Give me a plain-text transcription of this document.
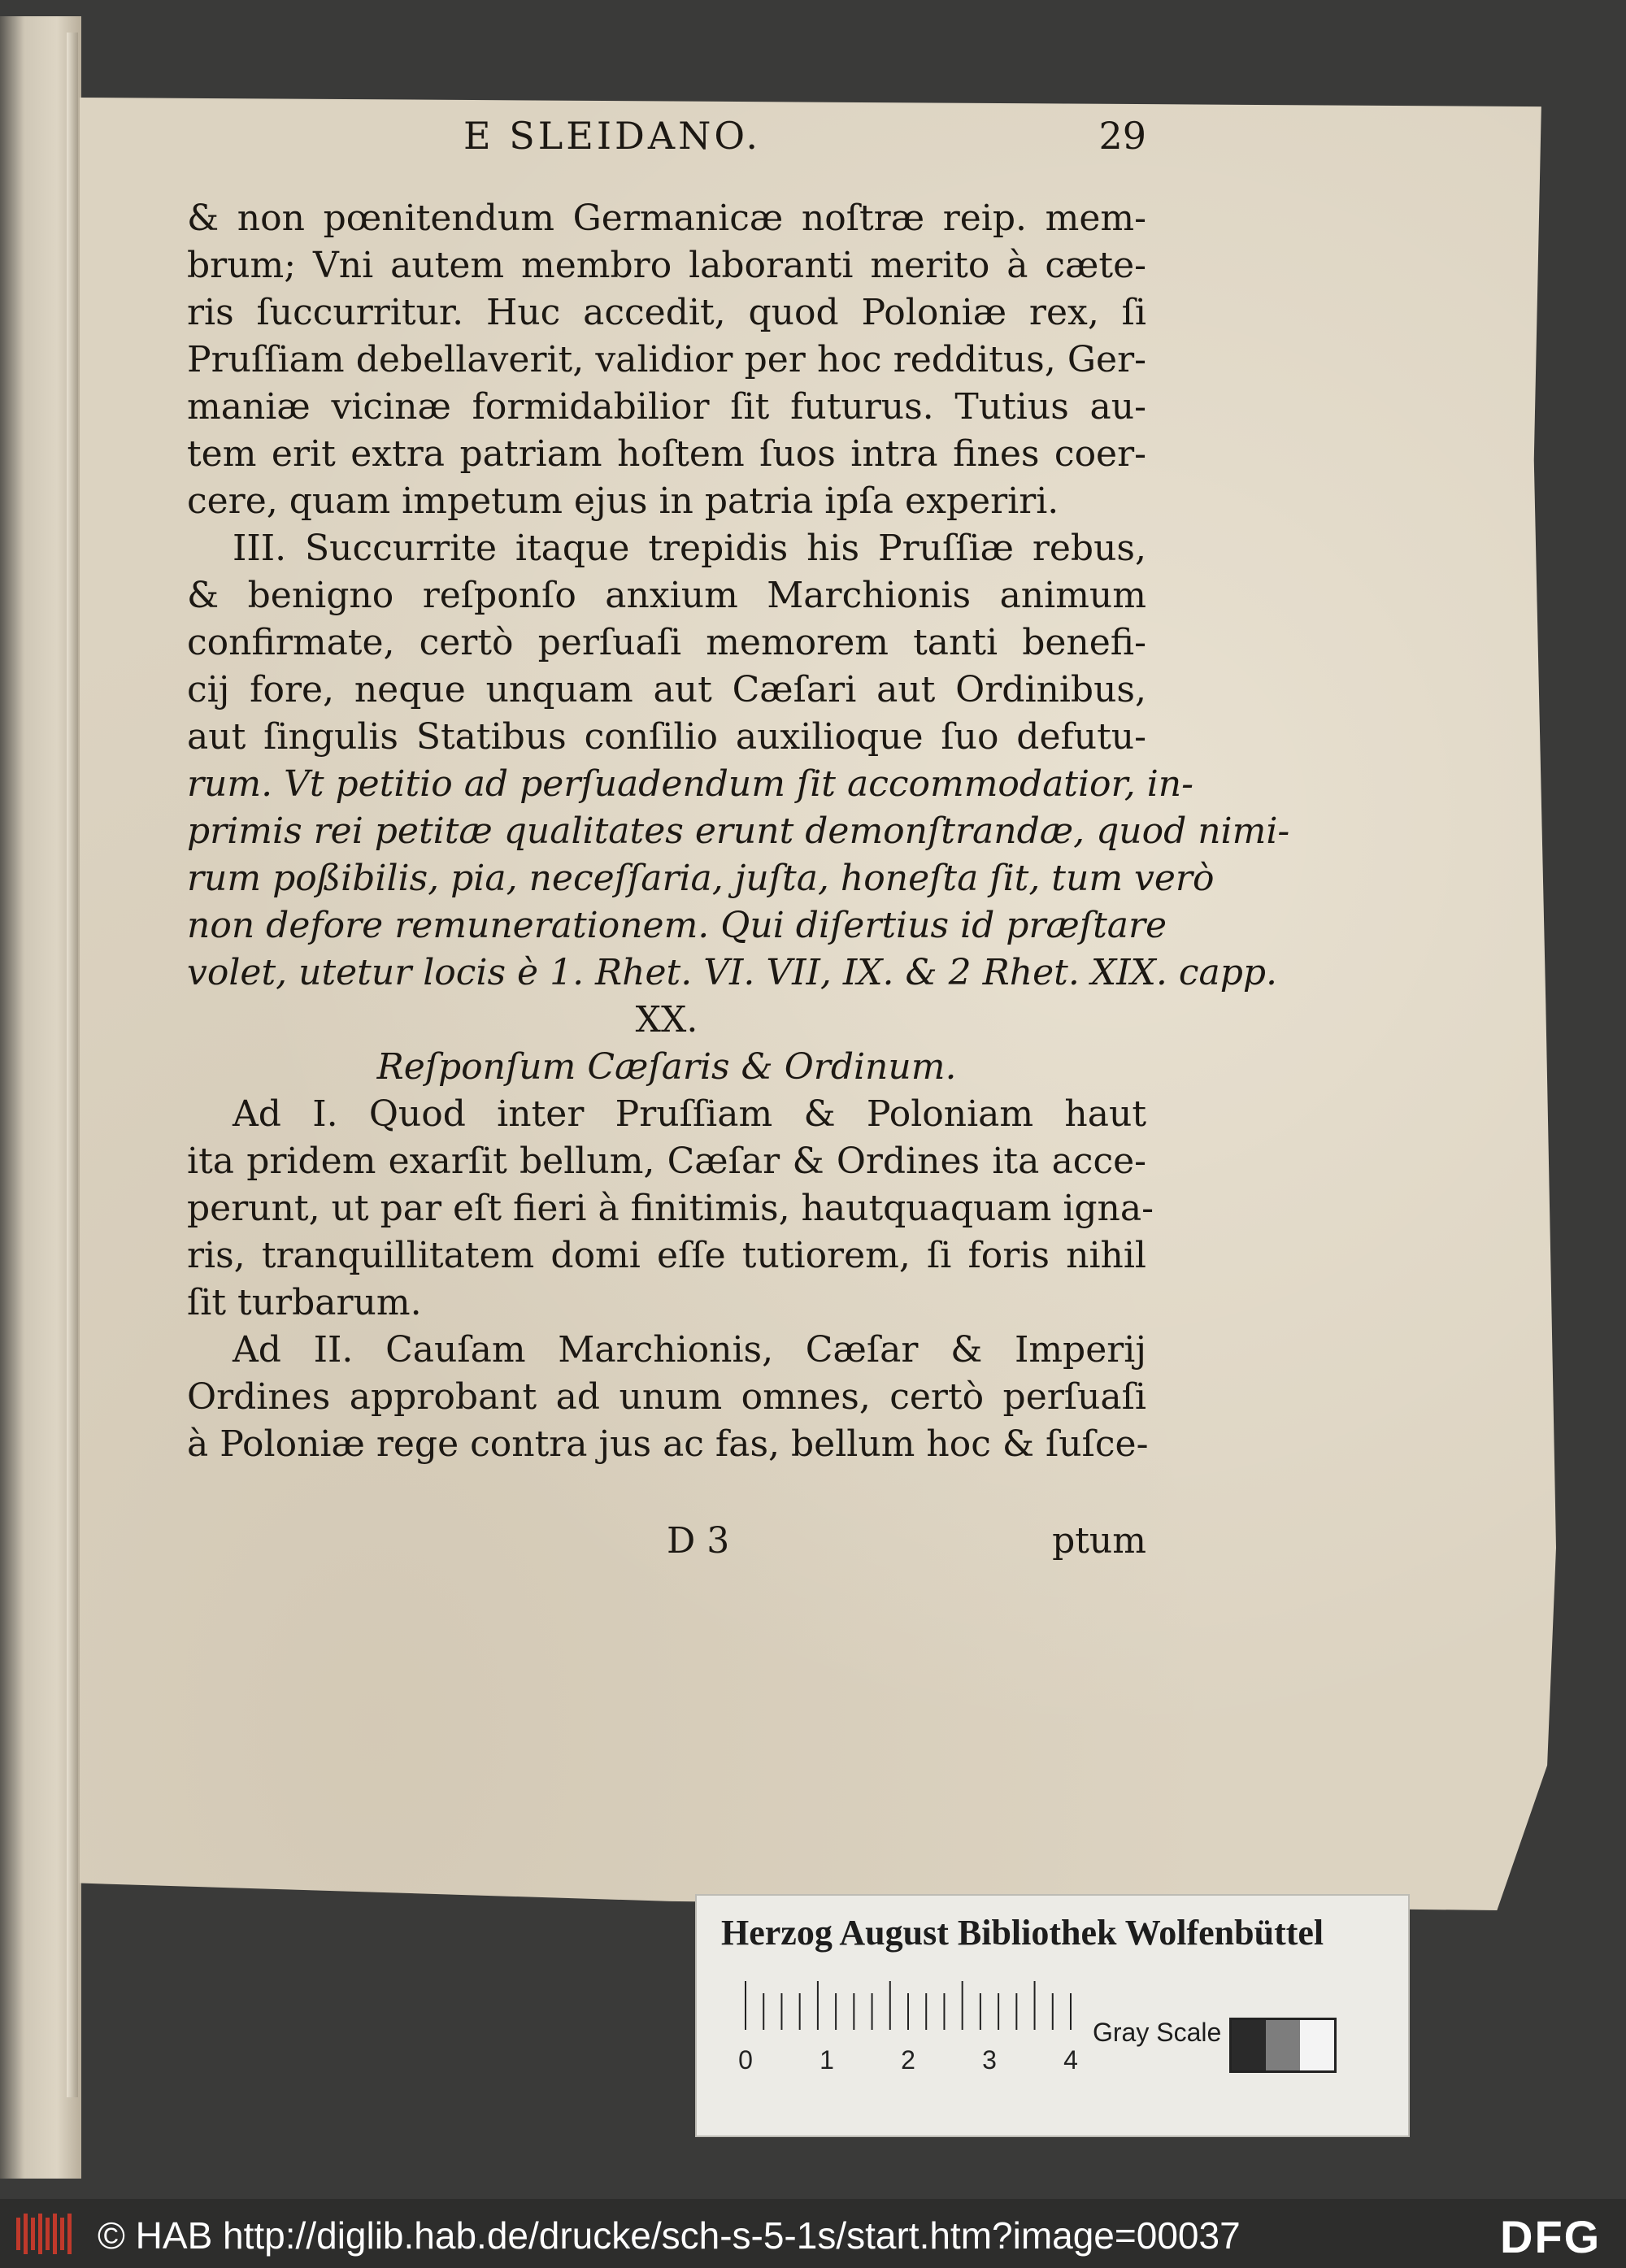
E SLEIDANO.	29
& non pœnitendum Germanicæ noſtræ reip. mem-
brum; Vni autem membro laboranti merito à cæte-
ris ſuccurritur. Huc accedit, quod Poloniæ rex, ſi
Pruſſiam debellaverit, validior per hoc redditus, Ger-
maniæ vicinæ formidabilior ſit futurus. Tutius au-
tem erit extra patriam hoſtem ſuos intra fines coer-
cere, quam impetum ejus in patria ipſa experiri.
III. Succurrite itaque trepidis his Pruſſiæ rebus,
& benigno reſponſo anxium Marchionis animum
confirmate, certò perſuaſi memorem tanti benefi-
cij fore, neque unquam aut Cæſari aut Ordinibus,
aut ſingulis Statibus conſilio auxilioque ſuo defutu-
rum. Vt petitio ad perſuadendum ſit accommodatior, in-
primis rei petitæ qualitates erunt demonſtrandæ, quod nimi-
rum poßibilis, pia, neceſſaria, juſta, honeſta ſit, tum verò
non defore remunerationem. Qui diſertius id præſtare
volet, utetur locis è 1. Rhet. VI. VII, IX. & 2 Rhet. XIX. capp.
XX.
Reſponſum Cæſaris & Ordinum.
Ad I. Quod inter Pruſſiam & Poloniam haut
ita pridem exarſit bellum, Cæſar & Ordines ita acce-
perunt, ut par eſt fieri à finitimis, hautquaquam igna-
ris, tranquillitatem domi eſſe tutiorem, ſi foris nihil
ſit turbarum.
Ad II. Cauſam Marchionis, Cæſar & Imperij
Ordines approbant ad unum omnes, certò perſuaſi
à Poloniæ rege contra jus ac fas, bellum hoc & ſuſce-
D 3	ptum
Herzog August Bibliothek Wolfenbüttel
0	1	2	3	4
Gray Scale
© HAB http://diglib.hab.de/drucke/sch-s-5-1s/start.htm?image=00037	DFG
